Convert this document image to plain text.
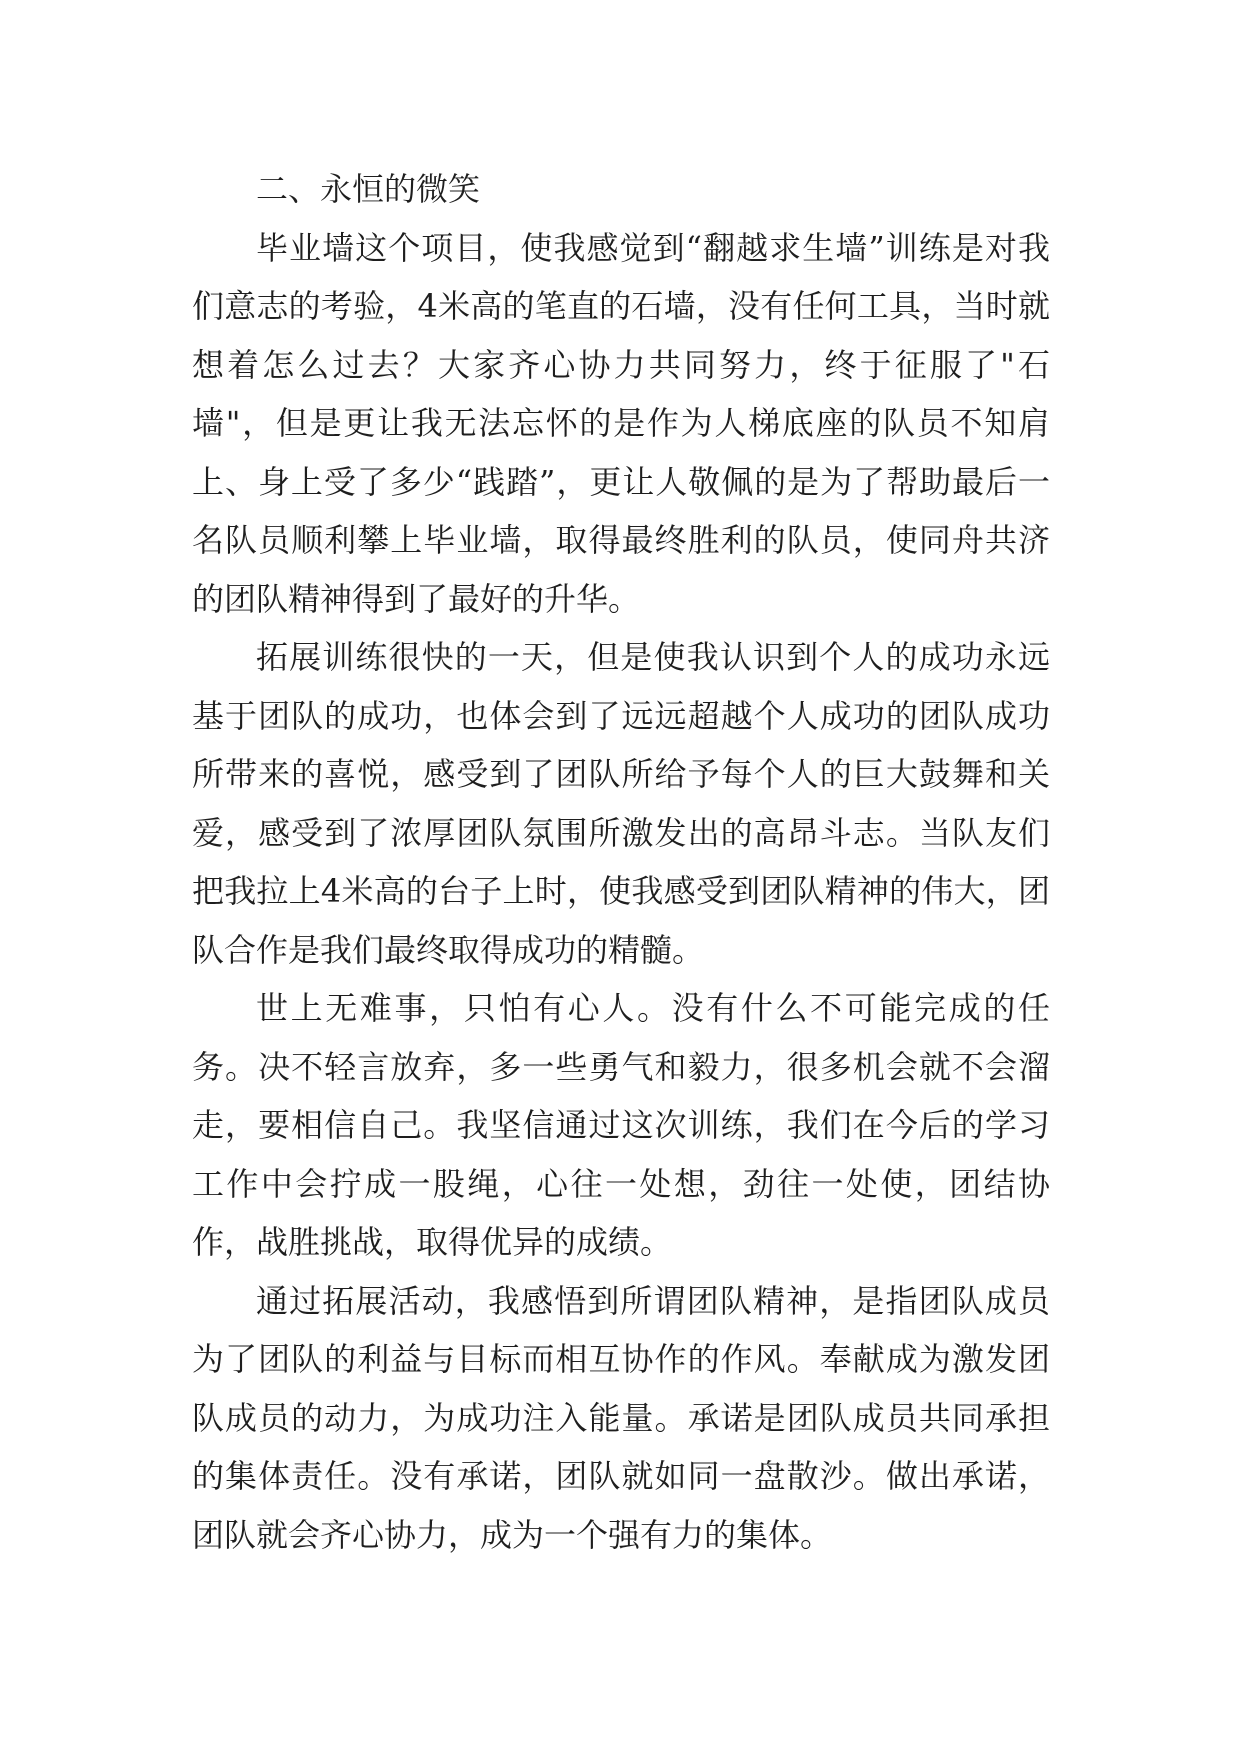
二、永恒的微笑

毕业墙这个项目，使我感觉到“翻越求生墙”训练是对我们意志的考验，4米高的笔直的石墙，没有任何工具，当时就想着怎么过去？大家齐心协力共同努力，终于征服了"石墙"，但是更让我无法忘怀的是作为人梯底座的队员不知肩上、身上受了多少“践踏”，更让人敬佩的是为了帮助最后一名队员顺利攀上毕业墙，取得最终胜利的队员，使同舟共济的团队精神得到了最好的升华。

拓展训练很快的一天，但是使我认识到个人的成功永远基于团队的成功，也体会到了远远超越个人成功的团队成功所带来的喜悦，感受到了团队所给予每个人的巨大鼓舞和关爱，感受到了浓厚团队氛围所激发出的高昂斗志。当队友们把我拉上4米高的台子上时，使我感受到团队精神的伟大，团队合作是我们最终取得成功的精髓。

世上无难事，只怕有心人。没有什么不可能完成的任务。决不轻言放弃，多一些勇气和毅力，很多机会就不会溜走，要相信自己。我坚信通过这次训练，我们在今后的学习工作中会拧成一股绳，心往一处想，劲往一处使，团结协作，战胜挑战，取得优异的成绩。

通过拓展活动，我感悟到所谓团队精神，是指团队成员为了团队的利益与目标而相互协作的作风。奉献成为激发团队成员的动力，为成功注入能量。承诺是团队成员共同承担的集体责任。没有承诺，团队就如同一盘散沙。做出承诺，团队就会齐心协力，成为一个强有力的集体。
